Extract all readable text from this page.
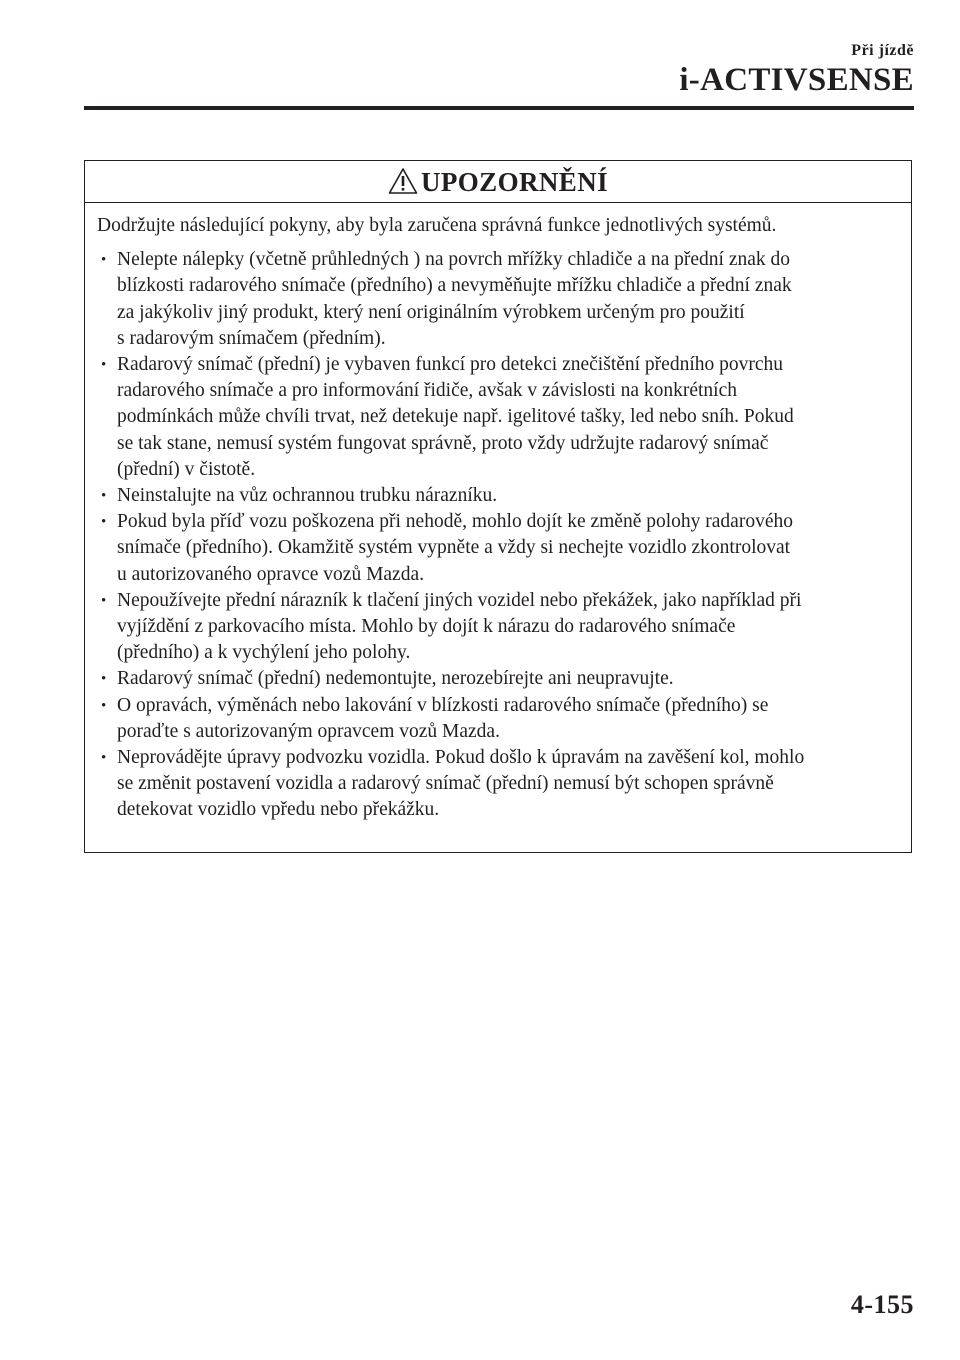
Při jízdě
i-ACTIVSENSE
UPOZORNĚNÍ

Dodržujte následující pokyny, aby byla zaručena správná funkce jednotlivých systémů.

• Nelepte nálepky (včetně průhledných ) na povrch mřížky chladiče a na přední znak do
blízkosti radarového snímače (předního) a nevyměňujte mřížku chladiče a přední znak
za jakýkoliv jiný produkt, který není originálním výrobkem určeným pro použití
s radarovým snímačem (předním).
• Radarový snímač (přední) je vybaven funkcí pro detekci znečištění předního povrchu
radarového snímače a pro informování řidiče, avšak v závislosti na konkrétních
podmínkách může chvíli trvat, než detekuje např. igelitové tašky, led nebo sníh. Pokud
se tak stane, nemusí systém fungovat správně, proto vždy udržujte radarový snímač
(přední) v čistotě.
• Neinstalujte na vůz ochrannou trubku nárazníku.
• Pokud byla příď vozu poškozena při nehodě, mohlo dojít ke změně polohy radarového
snímače (předního). Okamžitě systém vypněte a vždy si nechejte vozidlo zkontrolovat
u autorizovaného opravce vozů Mazda.
• Nepoužívejte přední nárazník k tlačení jiných vozidel nebo překážek, jako například při
vyjíždění z parkovacího místa. Mohlo by dojít k nárazu do radarového snímače
(předního) a k vychýlení jeho polohy.
• Radarový snímač (přední) nedemontujte, nerozebírejte ani neupravujte.
• O opravách, výměnách nebo lakování v blízkosti radarového snímače (předního) se
poraďte s autorizovaným opravcem vozů Mazda.
• Neprovádějte úpravy podvozku vozidla. Pokud došlo k úpravám na zavěšení kol, mohlo
se změnit postavení vozidla a radarový snímač (přední) nemusí být schopen správně
detekovat vozidlo vpředu nebo překážku.
4-155
